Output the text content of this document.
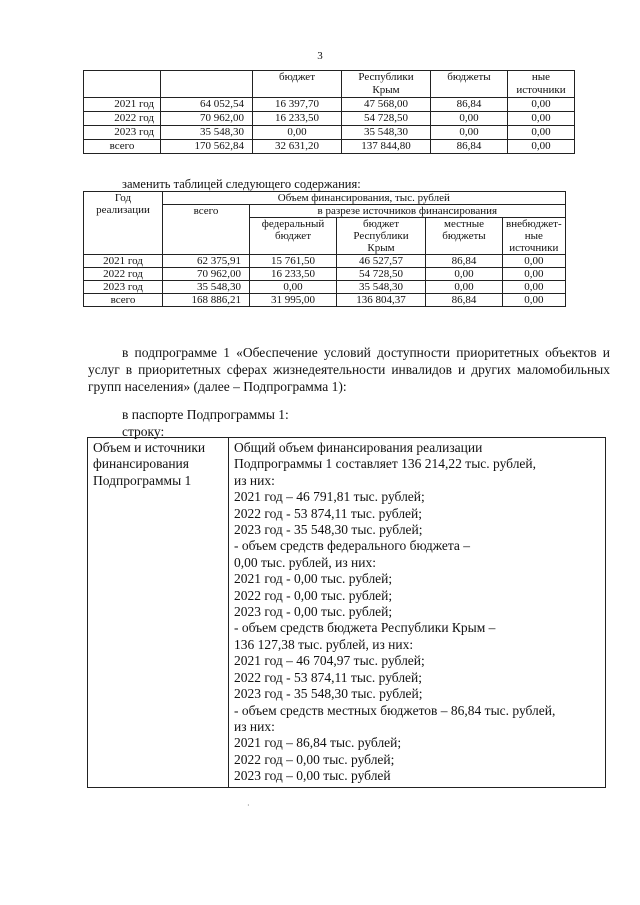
3
		бюджет	Республики Крым	бюджеты	ные источники
2021 год	64 052,54	16 397,70	47 568,00	86,84	0,00
2022 год	70 962,00	16 233,50	54 728,50	0,00	0,00
2023 год	35 548,30	0,00	35 548,30	0,00	0,00
всего	170 562,84	32 631,20	137 844,80	86,84	0,00
заменить таблицей следующего содержания:
Год реализации	Объем финансирования, тыс. рублей				
	всего	в разрезе источников финансирования			
		федеральный бюджет	бюджет Республики Крым	местные бюджеты	внебюджет-ные источники
2021 год	62 375,91	15 761,50	46 527,57	86,84	0,00
2022 год	70 962,00	16 233,50	54 728,50	0,00	0,00
2023 год	35 548,30	0,00	35 548,30	0,00	0,00
всего	168 886,21	31 995,00	136 804,37	86,84	0,00
в подпрограмме 1 «Обеспечение условий доступности приоритетных объектов и услуг в приоритетных сферах жизнедеятельности инвалидов и других маломобильных групп населения» (далее – Подпрограмма 1):
в паспорте Подпрограммы 1:
строку:
Объем и источники финансирования Подпрограммы 1	
Общий объем финансирования реализации
Подпрограммы 1 составляет 136 214,22 тыс. рублей,
из них:
2021 год – 46 791,81 тыс. рублей;
2022 год - 53 874,11 тыс. рублей;
2023 год - 35 548,30 тыс. рублей;
- объем средств федерального бюджета –
0,00 тыс. рублей, из них:
2021 год - 0,00 тыс. рублей;
2022 год - 0,00 тыс. рублей;
2023 год - 0,00 тыс. рублей;
- объем средств бюджета Республики Крым –
136 127,38 тыс. рублей, из них:
2021 год – 46 704,97 тыс. рублей;
2022 год - 53 874,11 тыс. рублей;
2023 год - 35 548,30 тыс. рублей;
- объем средств местных бюджетов – 86,84 тыс. рублей,
из них:
2021 год – 86,84 тыс. рублей;
2022 год – 0,00 тыс. рублей;
2023 год – 0,00 тыс. рублей
·
